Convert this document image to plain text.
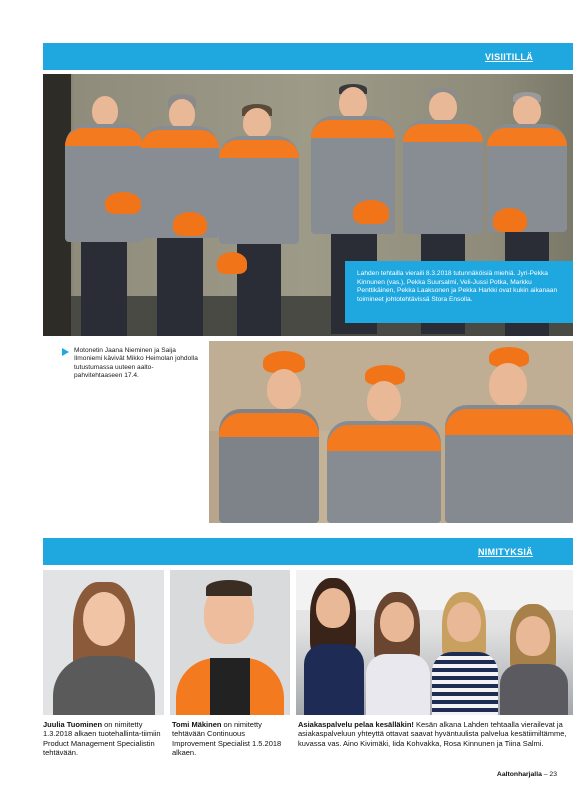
VISIITILLÄ
Lahden tehtailla vieraili 8.3.2018 tutunnäköisiä miehiä. Jyri-Pekka Kinnunen (vas.), Pekka Suursalmi, Veli-Jussi Potka, Markku Penttikäinen, Pekka Laaksonen ja Pekka Harkki ovat kukin aikanaan toimineet johtotehtävissä Stora Ensolla.
Motonetin Jaana Nieminen ja Saija Ilmoniemi kävivät Mikko Heimolan johdolla tutustumassa uuteen aalto-pahvitehtaaseen 17.4.
NIMITYKSIÄ
Juulia Tuominen on nimitetty 1.3.2018 alkaen tuotehallinta-tiimiin Product Management Specialistin tehtävään.
Tomi Mäkinen on nimitetty tehtävään Continuous Improvement Specialist 1.5.2018 alkaen.
Asiakaspalvelu pelaa kesälläkin! Kesän alkana Lahden tehtaalla vierailevat ja asiakaspalveluun yhteyttä ottavat saavat hyväntuulista palvelua kesätiimiltämme, kuvassa vas. Aino Kivimäki, Iida Kohvakka, Rosa Kinnunen ja Tiina Salmi.
Aaltonharjalla – 23
